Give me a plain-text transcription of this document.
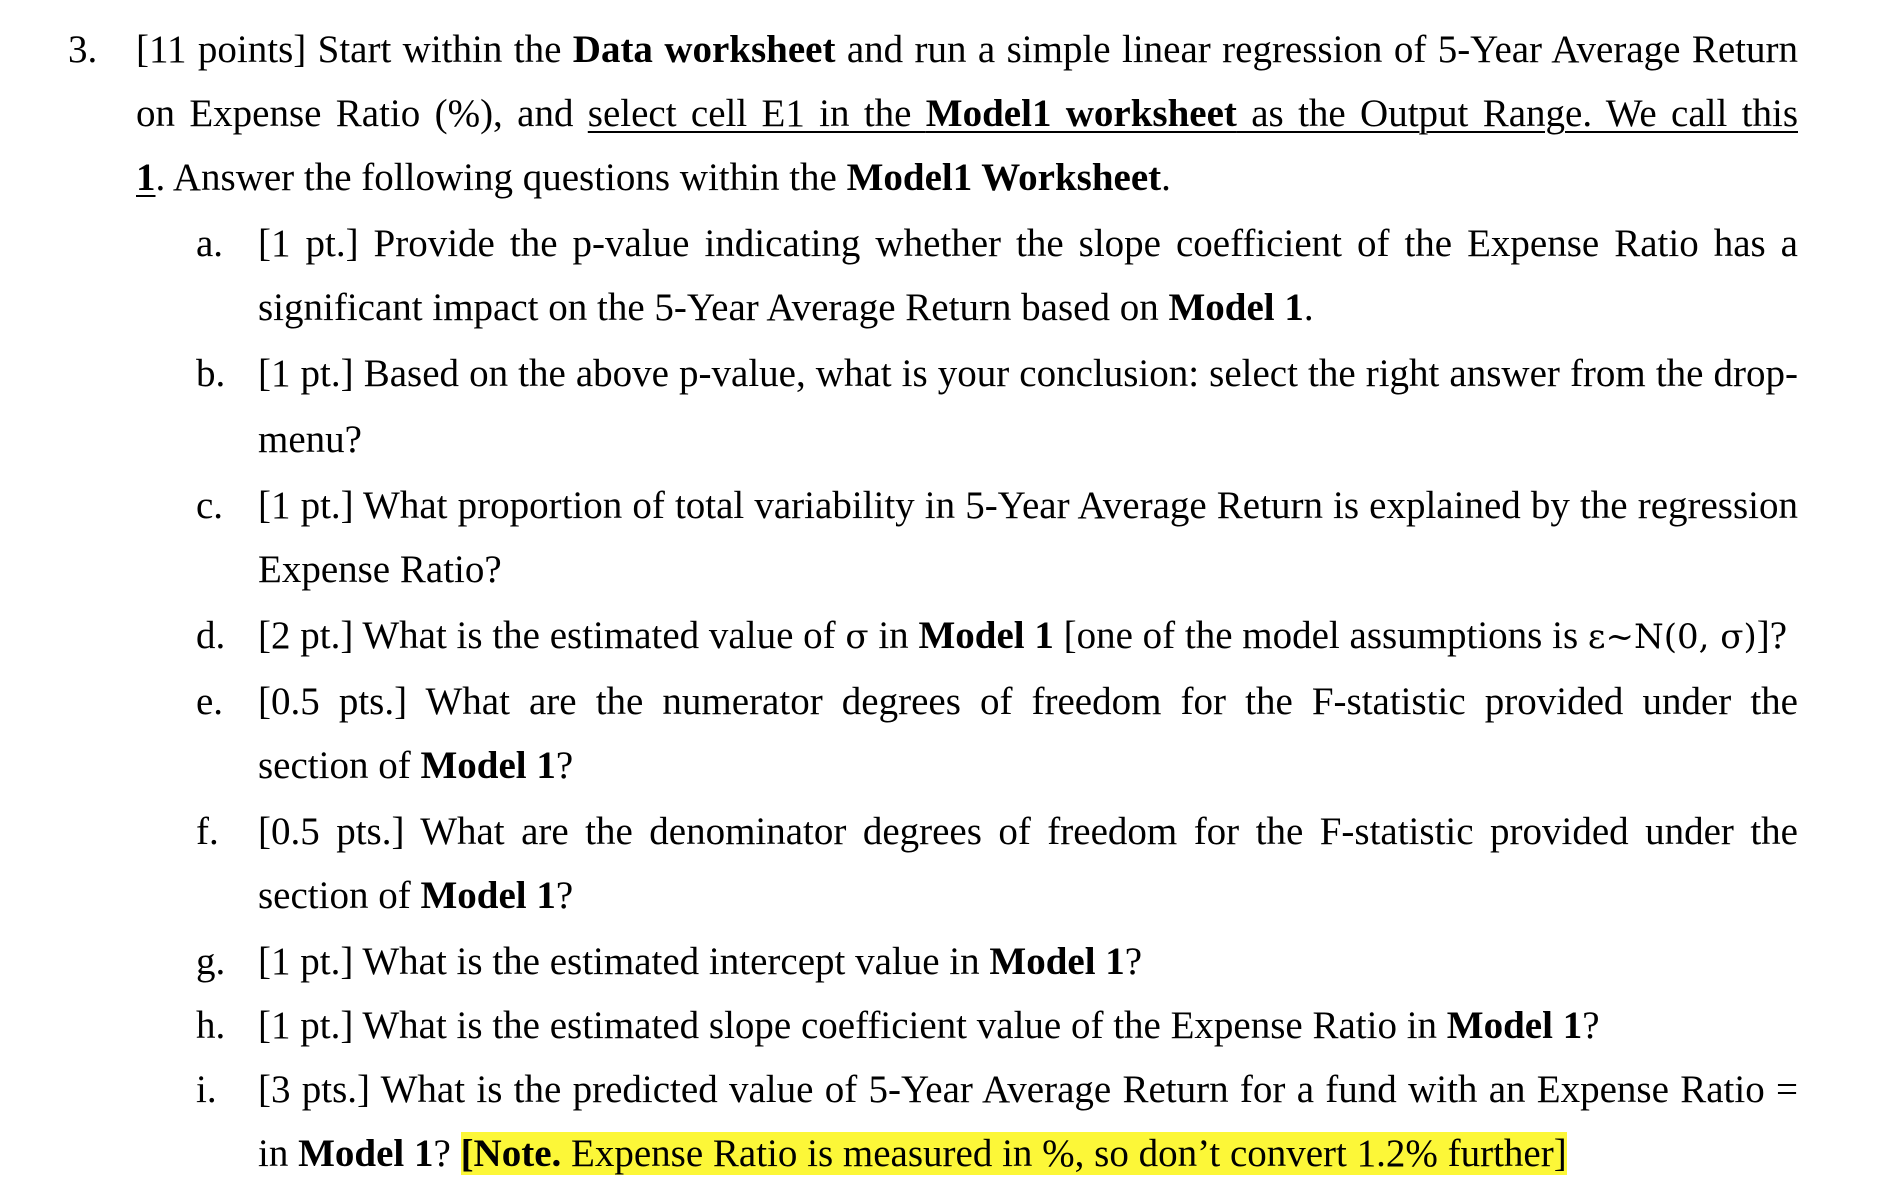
3. [11 points] Start within the Data worksheet and run a simple linear regression of 5-Year Average Return
on Expense Ratio (%), and select cell E1 in the Model1 worksheet as the Output Range. We call this
1. Answer the following questions within the Model1 Worksheet.
a. [1 pt.] Provide the p-value indicating whether the slope coefficient of the Expense Ratio has a
significant impact on the 5-Year Average Return based on Model 1.
b. [1 pt.] Based on the above p-value, what is your conclusion: select the right answer from the drop-
menu?
c. [1 pt.] What proportion of total variability in 5-Year Average Return is explained by the regression
Expense Ratio?
d. [2 pt.] What is the estimated value of σ in Model 1 [one of the model assumptions is ε~N(0, σ)]?
e. [0.5 pts.] What are the numerator degrees of freedom for the F-statistic provided under the
section of Model 1?
f. [0.5 pts.] What are the denominator degrees of freedom for the F-statistic provided under the
section of Model 1?
g. [1 pt.] What is the estimated intercept value in Model 1?
h. [1 pt.] What is the estimated slope coefficient value of the Expense Ratio in Model 1?
i. [3 pts.] What is the predicted value of 5-Year Average Return for a fund with an Expense Ratio =
in Model 1? [Note. Expense Ratio is measured in %, so don’t convert 1.2% further]
